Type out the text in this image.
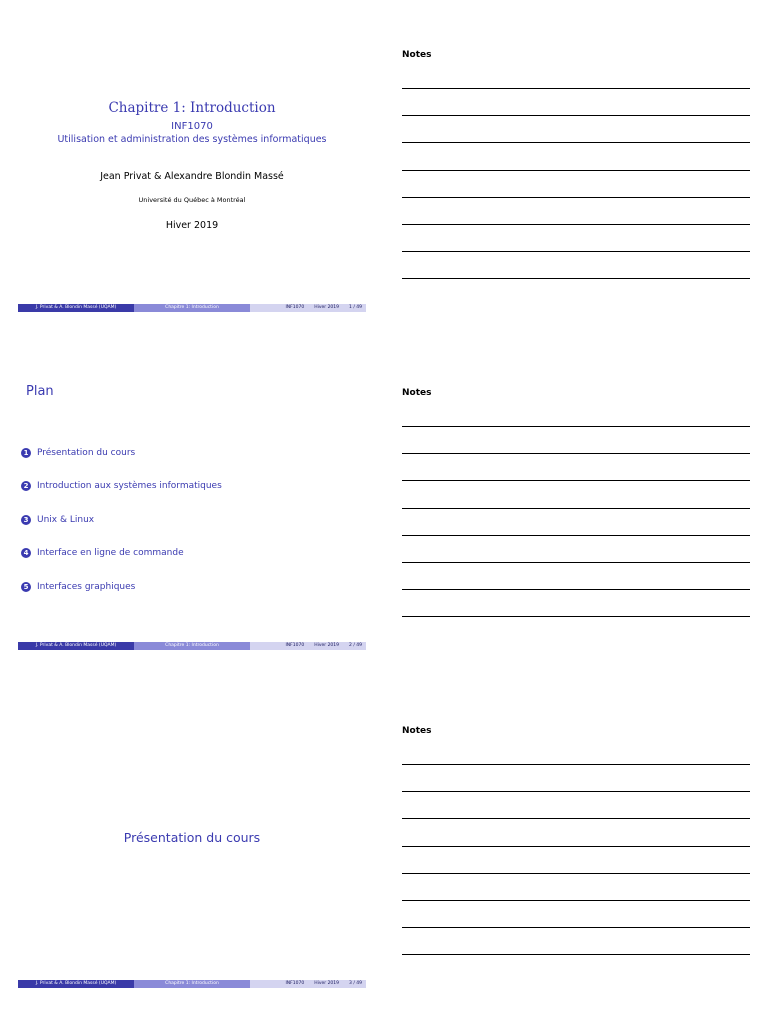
Chapitre 1: Introduction
INF1070
Utilisation et administration des systèmes informatiques
Jean Privat & Alexandre Blondin Massé
Université du Québec à Montréal
Hiver 2019
J. Privat & A. Blondin Massé (UQAM)	Chapitre 1: Introduction	INF1070 Hiver 2019 1 / 49
Notes
Plan
1 Présentation du cours
2 Introduction aux systèmes informatiques
3 Unix & Linux
4 Interface en ligne de commande
5 Interfaces graphiques
J. Privat & A. Blondin Massé (UQAM)	Chapitre 1: Introduction	INF1070 Hiver 2019 2 / 49
Notes
Présentation du cours
J. Privat & A. Blondin Massé (UQAM)	Chapitre 1: Introduction	INF1070 Hiver 2019 3 / 49
Notes
